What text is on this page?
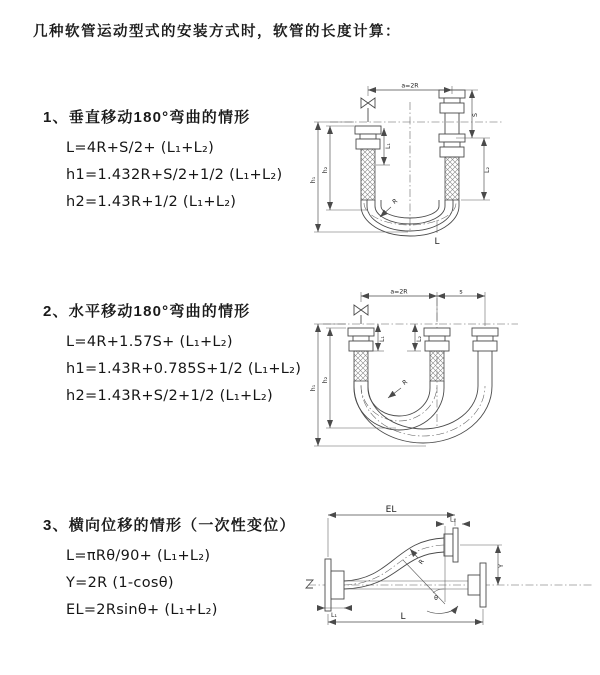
几种软管运动型式的安装方式时，软管的长度计算：
1、垂直移动180°弯曲的情形
L=4R+S/2+ (L₁+L₂)
h1=1.432R+S/2+1/2 (L₁+L₂)
h2=1.43R+1/2 (L₁+L₂)
2、水平移动180°弯曲的情形
L=4R+1.57S+ (L₁+L₂)
h1=1.43R+0.785S+1/2 (L₁+L₂)
h2=1.43R+S/2+1/2 (L₁+L₂)
3、横向位移的情形（一次性变位）
L=πRθ/90+ (L₁+L₂)
Y=2R (1-cosθ)
EL=2Rsinθ+ (L₁+L₂)
a=2R
h₁
h₂
L₁
S
L₂
R
L
a=2R	s
h₁
h₂
L₁	L₂
R
EL
L₂
Y
θ
R
L
L₁
